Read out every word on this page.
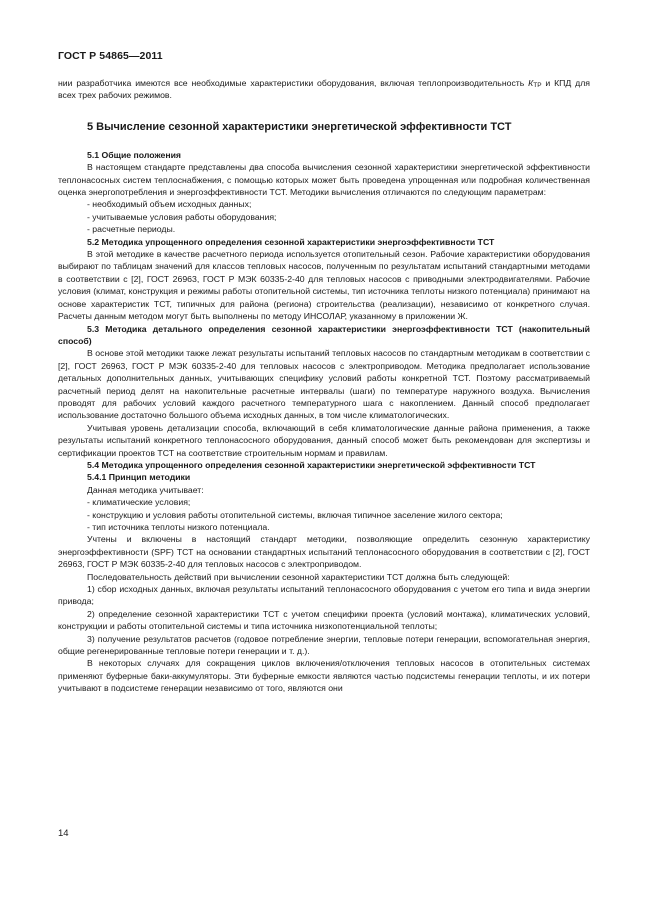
ГОСТ Р 54865—2011

нии разработчика имеются все необходимые характеристики оборудования, включая теплопроизводительность $К_{ТР}$ и КПД для всех трех рабочих режимов.

5 Вычисление сезонной характеристики энергетической эффективности ТСТ

5.1 Общие положения

В настоящем стандарте представлены два способа вычисления сезонной характеристики энергетической эффективности теплонасосных систем теплоснабжения, с помощью которых может быть проведена упрощенная или подробная количественная оценка энергопотребления и энергоэффективности ТСТ. Методики вычисления отличаются по следующим параметрам:

- необходимый объем исходных данных;
- учитываемые условия работы оборудования;
- расчетные периоды.

5.2 Методика упрощенного определения сезонной характеристики энергоэффективности ТСТ

В этой методике в качестве расчетного периода используется отопительный сезон. Рабочие характеристики оборудования выбирают по таблицам значений для классов тепловых насосов, полученным по результатам испытаний стандартными методами в соответствии с [2], ГОСТ 26963, ГОСТ Р МЭК 60335-2-40 для тепловых насосов с приводными электродвигателями. Рабочие условия (климат, конструкция и режимы работы отопительной системы, тип источника теплоты низкого потенциала) принимают на основе характеристик ТСТ, типичных для района (региона) строительства (реализации), независимо от конкретного случая. Расчеты данным методом могут быть выполнены по методу ИНСОЛАР, указанному в приложении Ж.

5.3 Методика детального определения сезонной характеристики энергоэффективности ТСТ (накопительный способ)

В основе этой методики также лежат результаты испытаний тепловых насосов по стандартным методикам в соответствии с [2], ГОСТ 26963, ГОСТ Р МЭК 60335-2-40 для тепловых насосов с электроприводом. Методика предполагает использование детальных дополнительных данных, учитывающих специфику условий работы конкретной ТСТ. Поэтому рассматриваемый расчетный период делят на накопительные расчетные интервалы (шаги) по температуре наружного воздуха. Вычисления проводят для рабочих условий каждого расчетного температурного шага с накоплением. Данный способ предполагает использование достаточно большого объема исходных данных, в том числе климатологических.

Учитывая уровень детализации способа, включающий в себя климатологические данные района применения, а также результаты испытаний конкретного теплонасосного оборудования, данный способ может быть рекомендован для экспертизы и сертификации проектов ТСТ на соответствие строительным нормам и правилам.

5.4 Методика упрощенного определения сезонной характеристики энергетической эффективности ТСТ

5.4.1 Принцип методики

Данная методика учитывает:

- климатические условия;
- конструкцию и условия работы отопительной системы, включая типичное заселение жилого сектора;
- тип источника теплоты низкого потенциала.

Учтены и включены в настоящий стандарт методики, позволяющие определить сезонную характеристику энергоэффективности (SPF) ТСТ на основании стандартных испытаний теплонасосного оборудования в соответствии с [2], ГОСТ 26963, ГОСТ Р МЭК 60335-2-40 для тепловых насосов с электроприводом.

Последовательность действий при вычислении сезонной характеристики ТСТ должна быть следующей:

1) сбор исходных данных, включая результаты испытаний теплонасосного оборудования с учетом его типа и вида энергии привода;

2) определение сезонной характеристики ТСТ с учетом специфики проекта (условий монтажа), климатических условий, конструкции и работы отопительной системы и типа источника низкопотенциальной теплоты;

3) получение результатов расчетов (годовое потребление энергии, тепловые потери генерации, вспомогательная энергия, общие регенерированные тепловые потери генерации и т. д.).

В некоторых случаях для сокращения циклов включения/отключения тепловых насосов в отопительных системах применяют буферные баки-аккумуляторы. Эти буферные емкости являются частью подсистемы генерации теплоты, и их потери учитывают в подсистеме генерации независимо от того, являются они

14
